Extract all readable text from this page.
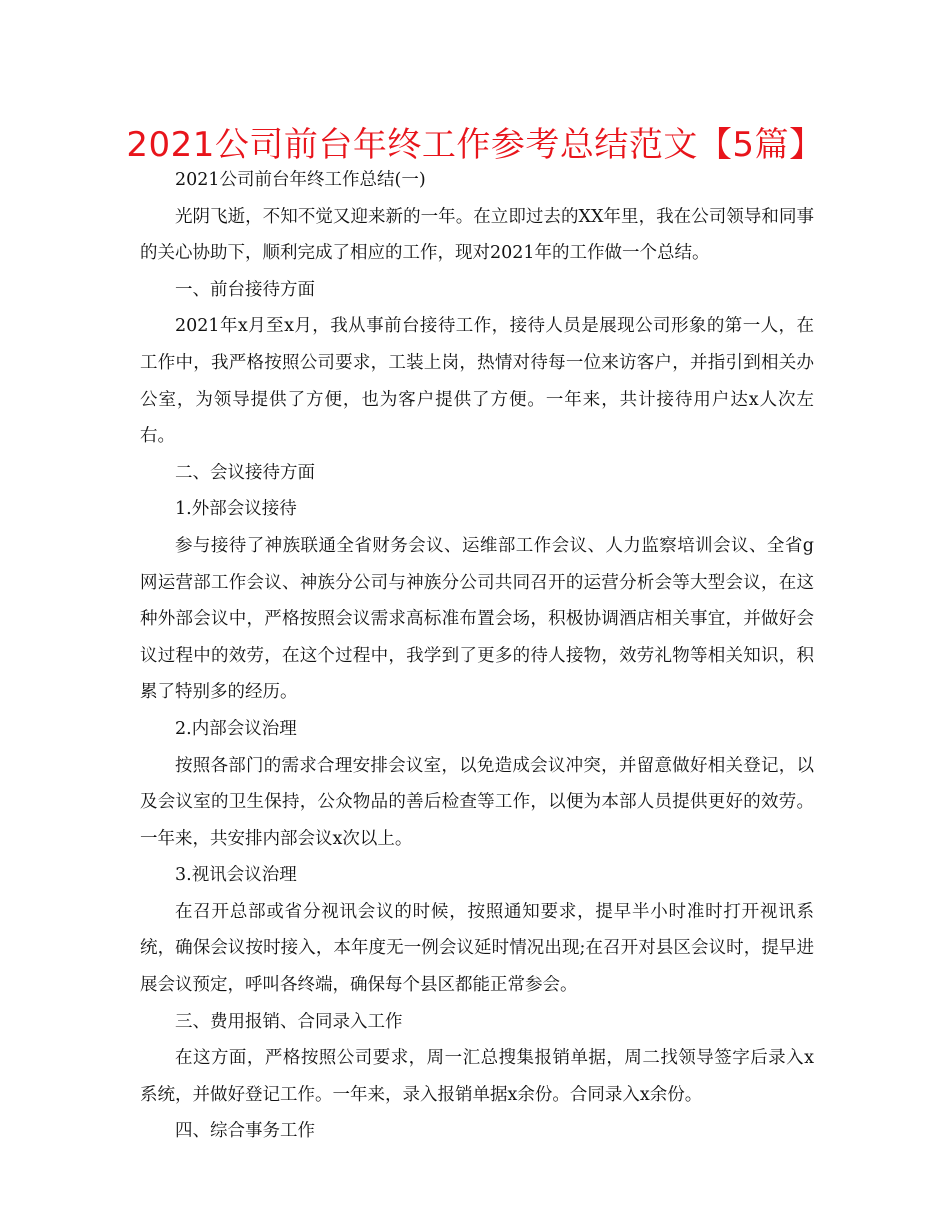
2021公司前台年终工作参考总结范文【5篇】

2021公司前台年终工作总结(一)

光阴飞逝，不知不觉又迎来新的一年。在立即过去的XX年里，我在公司领导和同事的关心协助下，顺利完成了相应的工作，现对2021年的工作做一个总结。

一、前台接待方面

2021年x月至x月，我从事前台接待工作，接待人员是展现公司形象的第一人，在工作中，我严格按照公司要求，工装上岗，热情对待每一位来访客户，并指引到相关办公室，为领导提供了方便，也为客户提供了方便。一年来，共计接待用户达x人次左右。

二、会议接待方面

1.外部会议接待

参与接待了神族联通全省财务会议、运维部工作会议、人力监察培训会议、全省g网运营部工作会议、神族分公司与神族分公司共同召开的运营分析会等大型会议，在这种外部会议中，严格按照会议需求高标准布置会场，积极协调酒店相关事宜，并做好会议过程中的效劳，在这个过程中，我学到了更多的待人接物，效劳礼物等相关知识，积累了特别多的经历。

2.内部会议治理

按照各部门的需求合理安排会议室，以免造成会议冲突，并留意做好相关登记，以及会议室的卫生保持，公众物品的善后检查等工作，以便为本部人员提供更好的效劳。一年来，共安排内部会议x次以上。

3.视讯会议治理

在召开总部或省分视讯会议的时候，按照通知要求，提早半小时准时打开视讯系统，确保会议按时接入，本年度无一例会议延时情况出现;在召开对县区会议时，提早进展会议预定，呼叫各终端，确保每个县区都能正常参会。

三、费用报销、合同录入工作

在这方面，严格按照公司要求，周一汇总搜集报销单据，周二找领导签字后录入x系统，并做好登记工作。一年来，录入报销单据x余份。合同录入x余份。

四、综合事务工作
